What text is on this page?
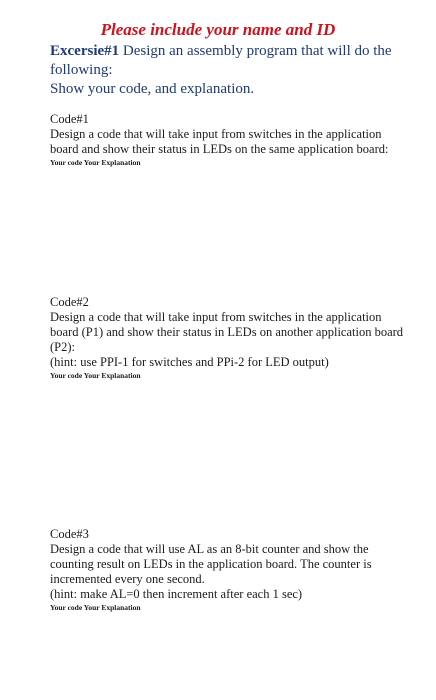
Please include your name and ID
Excersie#1 Design an assembly program that will do the following:
Show your code, and explanation.
Code#1

Design a code that will take input from switches in the application board and show their status in LEDs on the same application board:

Your code Your Explanation
Code#2

Design a code that will take input from switches in the application board (P1) and show their status in LEDs on another application board (P2):

(hint: use PPI-1 for switches and PPi-2 for LED output)
Your code Your Explanation
Code#3

Design a code that will use AL as an 8-bit counter and show the counting result on LEDs in the application board. The counter is incremented every one second.

(hint: make AL=0 then increment after each 1 sec)
Your code Your Explanation
